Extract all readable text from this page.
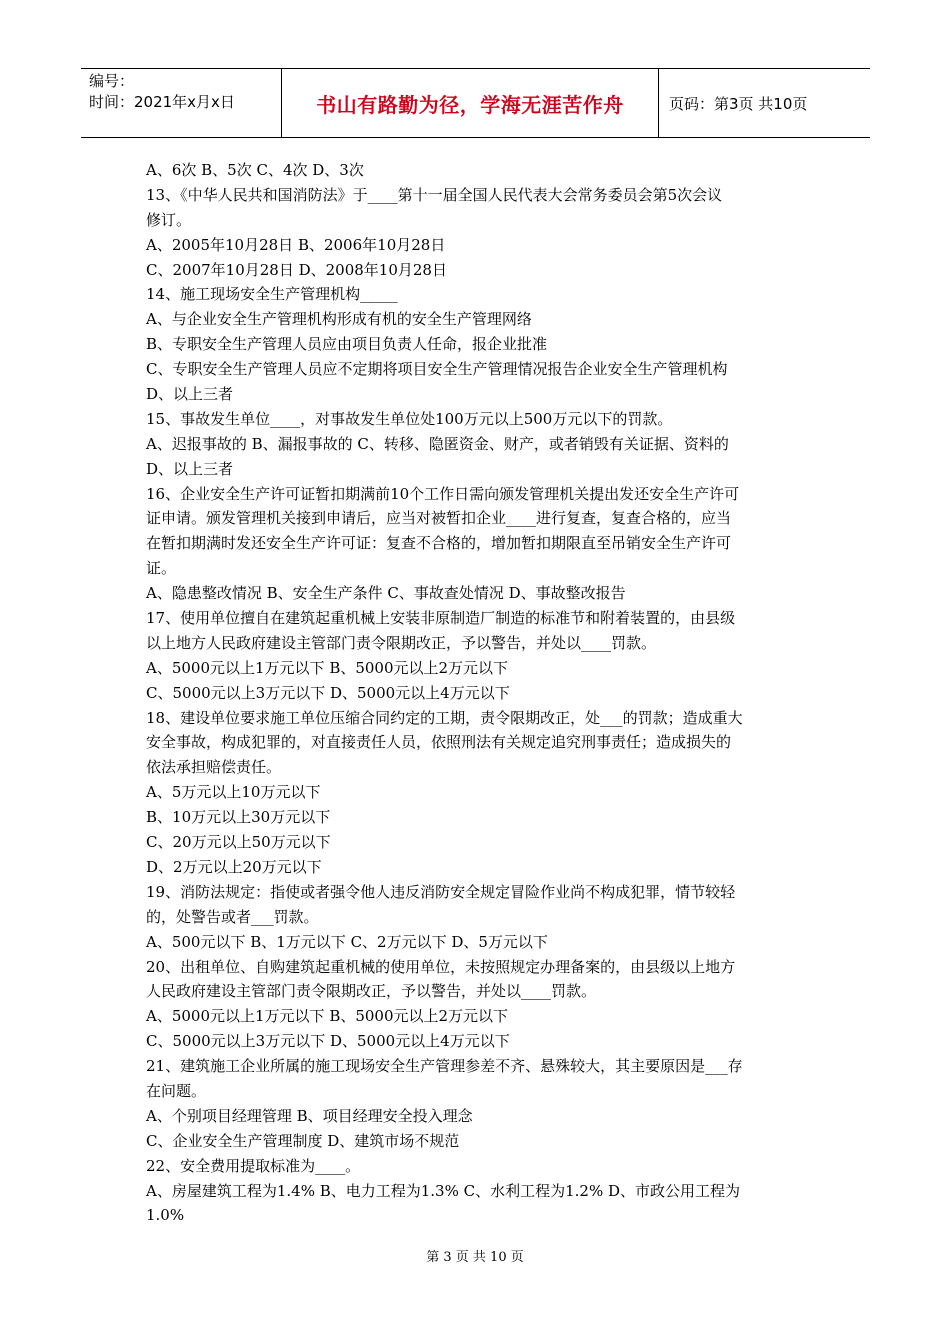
编号：
时间：2021年x月x日	书山有路勤为径，学海无涯苦作舟	页码：第3页 共10页
A、6次 B、5次 C、4次 D、3次
13、《中华人民共和国消防法》于____第十一届全国人民代表大会常务委员会第5次会议
修订。
A、2005年10月28日 B、2006年10月28日
C、2007年10月28日 D、2008年10月28日
14、施工现场安全生产管理机构_____
A、与企业安全生产管理机构形成有机的安全生产管理网络
B、专职安全生产管理人员应由项目负责人任命，报企业批准
C、专职安全生产管理人员应不定期将项目安全生产管理情况报告企业安全生产管理机构
D、以上三者
15、事故发生单位____，对事故发生单位处100万元以上500万元以下的罚款。
A、迟报事故的 B、漏报事故的 C、转移、隐匿资金、财产，或者销毁有关证据、资料的
D、以上三者
16、企业安全生产许可证暂扣期满前10个工作日需向颁发管理机关提出发还安全生产许可
证申请。颁发管理机关接到申请后，应当对被暂扣企业____进行复查，复查合格的，应当
在暂扣期满时发还安全生产许可证：复查不合格的，增加暂扣期限直至吊销安全生产许可
证。
A、隐患整改情况 B、安全生产条件 C、事故查处情况 D、事故整改报告
17、使用单位擅自在建筑起重机械上安装非原制造厂制造的标准节和附着装置的，由县级
以上地方人民政府建设主管部门责令限期改正，予以警告，并处以____罚款。
A、5000元以上1万元以下 B、5000元以上2万元以下
C、5000元以上3万元以下 D、5000元以上4万元以下
18、建设单位要求施工单位压缩合同约定的工期，责令限期改正，处___的罚款；造成重大
安全事故，构成犯罪的，对直接责任人员，依照刑法有关规定追究刑事责任；造成损失的
依法承担赔偿责任。
A、5万元以上10万元以下
B、10万元以上30万元以下
C、20万元以上50万元以下
D、2万元以上20万元以下
19、消防法规定：指使或者强令他人违反消防安全规定冒险作业尚不构成犯罪，情节较轻
的，处警告或者___罚款。
A、500元以下 B、1万元以下 C、2万元以下 D、5万元以下
20、出租单位、自购建筑起重机械的使用单位，未按照规定办理备案的，由县级以上地方
人民政府建设主管部门责令限期改正，予以警告，并处以____罚款。
A、5000元以上1万元以下 B、5000元以上2万元以下
C、5000元以上3万元以下 D、5000元以上4万元以下
21、建筑施工企业所属的施工现场安全生产管理参差不齐、悬殊较大，其主要原因是___存
在问题。
A、个别项目经理管理 B、项目经理安全投入理念
C、企业安全生产管理制度 D、建筑市场不规范
22、安全费用提取标准为____。
A、房屋建筑工程为1.4% B、电力工程为1.3% C、水利工程为1.2% D、市政公用工程为
1.0%
第 3 页 共 10 页
